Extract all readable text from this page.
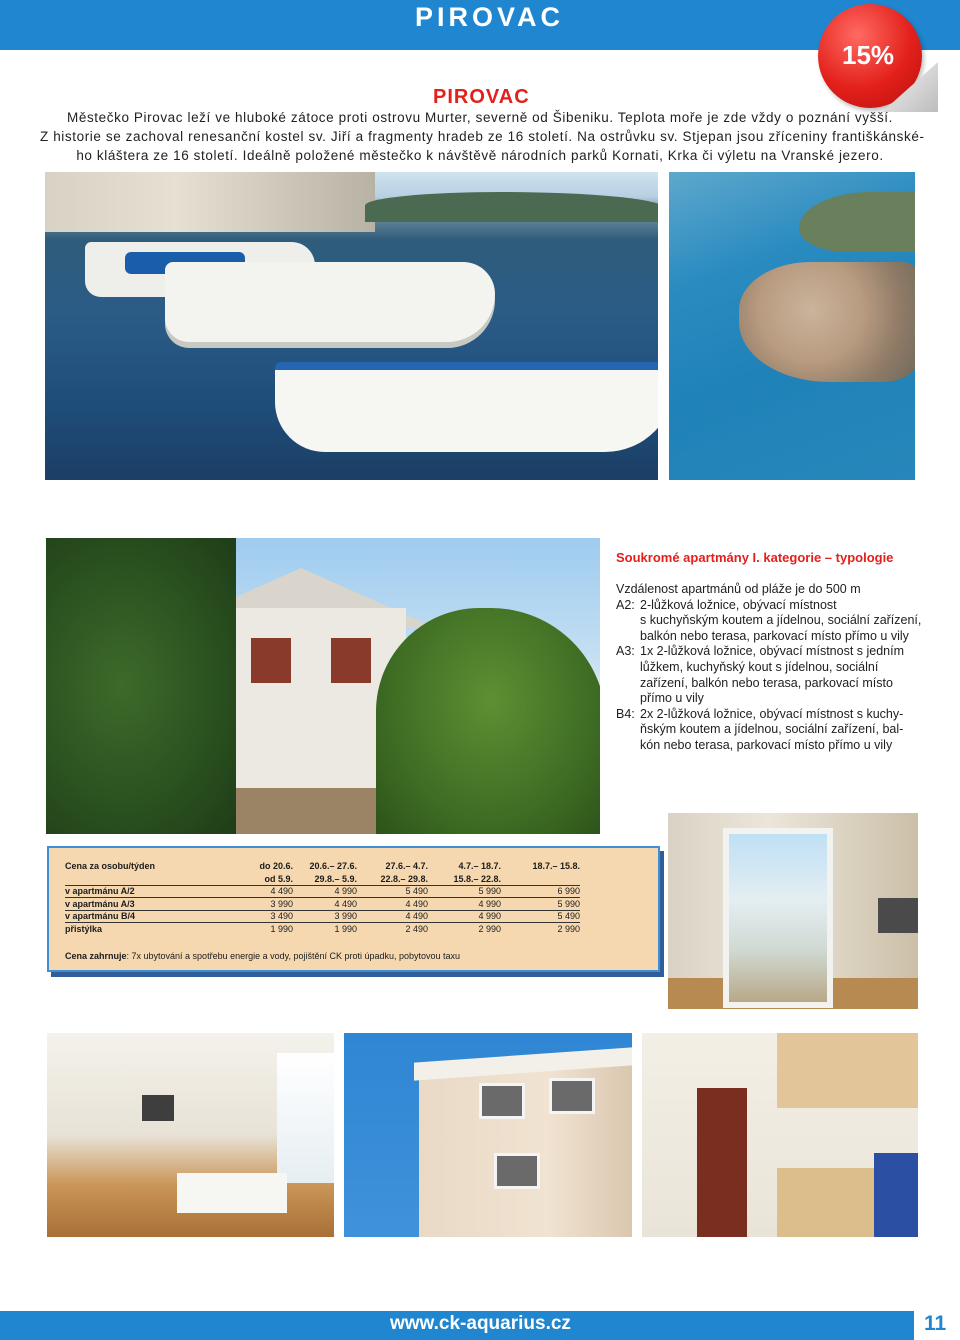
PIROVAC
15%
PIROVAC
Městečko Pirovac leží ve hluboké zátoce proti ostrovu Murter, severně od Šibeniku. Teplota moře je zde vždy o poznání vyšší.
Z historie se zachoval renesanční kostel sv. Jiří a fragmenty hradeb ze 16 století. Na ostrůvku sv. Stjepan jsou zříceniny františkánské-
ho kláštera ze 16 století. Ideálně položené městečko k návštěvě národních parků Kornati, Krka či výletu na Vranské jezero.
Soukromé apartmány I. kategorie – typologie
Vzdálenost apartmánů od pláže je do 500 m
A2: 2-lůžková ložnice, obývací místnost
s kuchyňským koutem a jídelnou, sociální zařízení,
balkón nebo terasa, parkovací místo přímo u vily
A3: 1x 2-lůžková ložnice, obývací místnost s jedním
lůžkem, kuchyňský kout s jídelnou, sociální
zařízení, balkón nebo terasa, parkovací místo
přímo u vily
B4: 2x 2-lůžková ložnice, obývací místnost s kuchy-
ňským koutem a jídelnou, sociální zařízení, bal-
kón nebo terasa, parkovací místo přímo u vily
Cena za osobu/týden	do 20.6.	20.6.– 27.6.	27.6.– 4.7.	4.7.– 18.7.	18.7.– 15.8.
	od 5.9.	29.8.– 5.9.	22.8.– 29.8.	15.8.– 22.8.	
v apartmánu A/2	4 490	4 990	5 490	5 990	6 990
v apartmánu A/3	3 990	4 490	4 490	4 990	5 990
v apartmánu B/4	3 490	3 990	4 490	4 990	5 490
přistýlka	1 990	1 990	2 490	2 990	2 990
Cena zahrnuje: 7x ubytování a spotřebu energie a vody, pojištění CK proti úpadku, pobytovou taxu
www.ck-aquarius.cz	11
